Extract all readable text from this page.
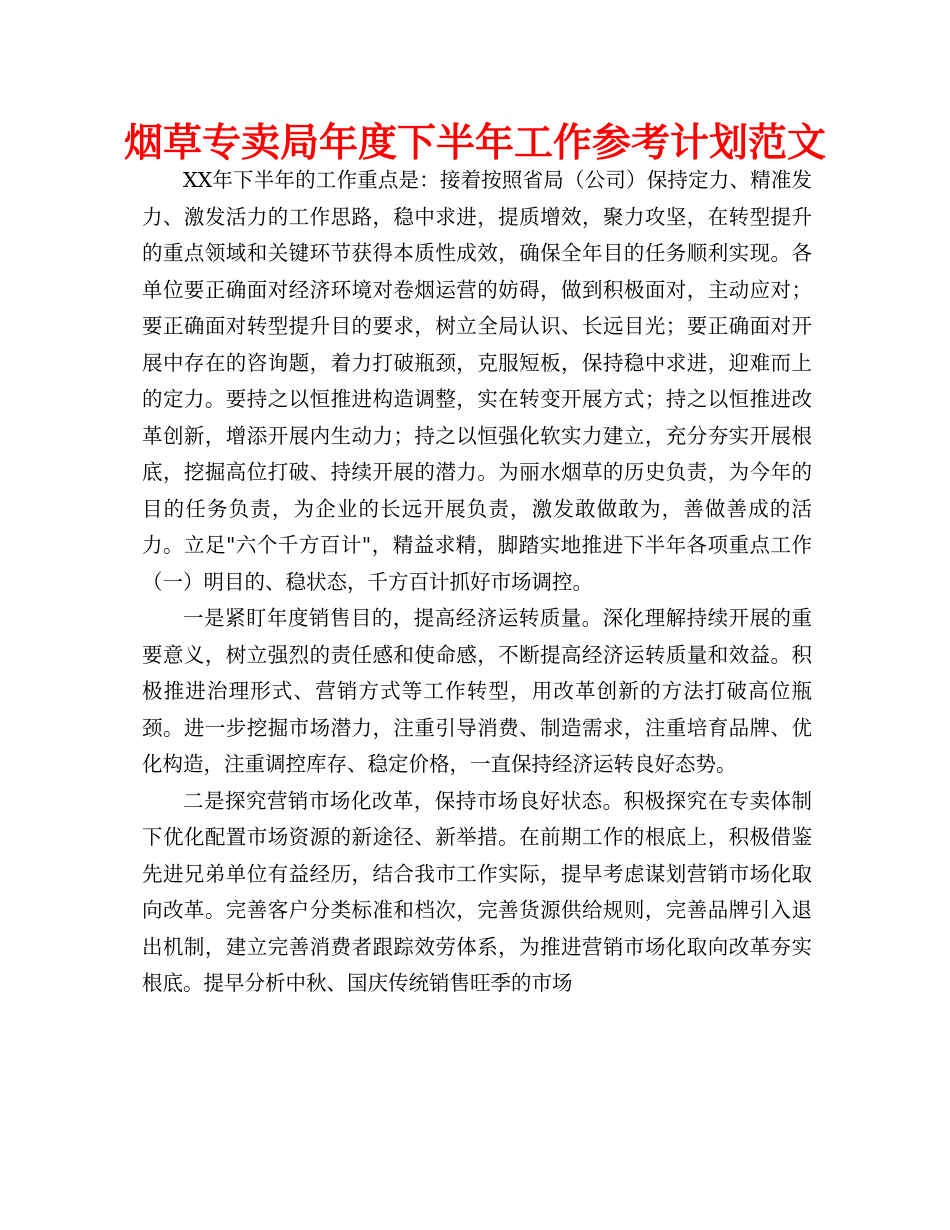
烟草专卖局年度下半年工作参考计划范文

XX年下半年的工作重点是：接着按照省局（公司）保持定力、精准发力、激发活力的工作思路，稳中求进，提质增效，聚力攻坚，在转型提升的重点领域和关键环节获得本质性成效，确保全年目的任务顺利实现。各单位要正确面对经济环境对卷烟运营的妨碍，做到积极面对，主动应对；要正确面对转型提升目的要求，树立全局认识、长远目光；要正确面对开展中存在的咨询题，着力打破瓶颈，克服短板，保持稳中求进，迎难而上的定力。要持之以恒推进构造调整，实在转变开展方式；持之以恒推进改革创新，增添开展内生动力；持之以恒强化软实力建立，充分夯实开展根底，挖掘高位打破、持续开展的潜力。为丽水烟草的历史负责，为今年的目的任务负责，为企业的长远开展负责，激发敢做敢为，善做善成的活力。立足"六个千方百计"，精益求精，脚踏实地推进下半年各项重点工作　　（一）明目的、稳状态，千方百计抓好市场调控。

一是紧盯年度销售目的，提高经济运转质量。深化理解持续开展的重要意义，树立强烈的责任感和使命感，不断提高经济运转质量和效益。积极推进治理形式、营销方式等工作转型，用改革创新的方法打破高位瓶颈。进一步挖掘市场潜力，注重引导消费、制造需求，注重培育品牌、优化构造，注重调控库存、稳定价格，一直保持经济运转良好态势。

二是探究营销市场化改革，保持市场良好状态。积极探究在专卖体制下优化配置市场资源的新途径、新举措。在前期工作的根底上，积极借鉴先进兄弟单位有益经历，结合我市工作实际，提早考虑谋划营销市场化取向改革。完善客户分类标准和档次，完善货源供给规则，完善品牌引入退出机制，建立完善消费者跟踪效劳体系，为推进营销市场化取向改革夯实根底。提早分析中秋、国庆传统销售旺季的市场
